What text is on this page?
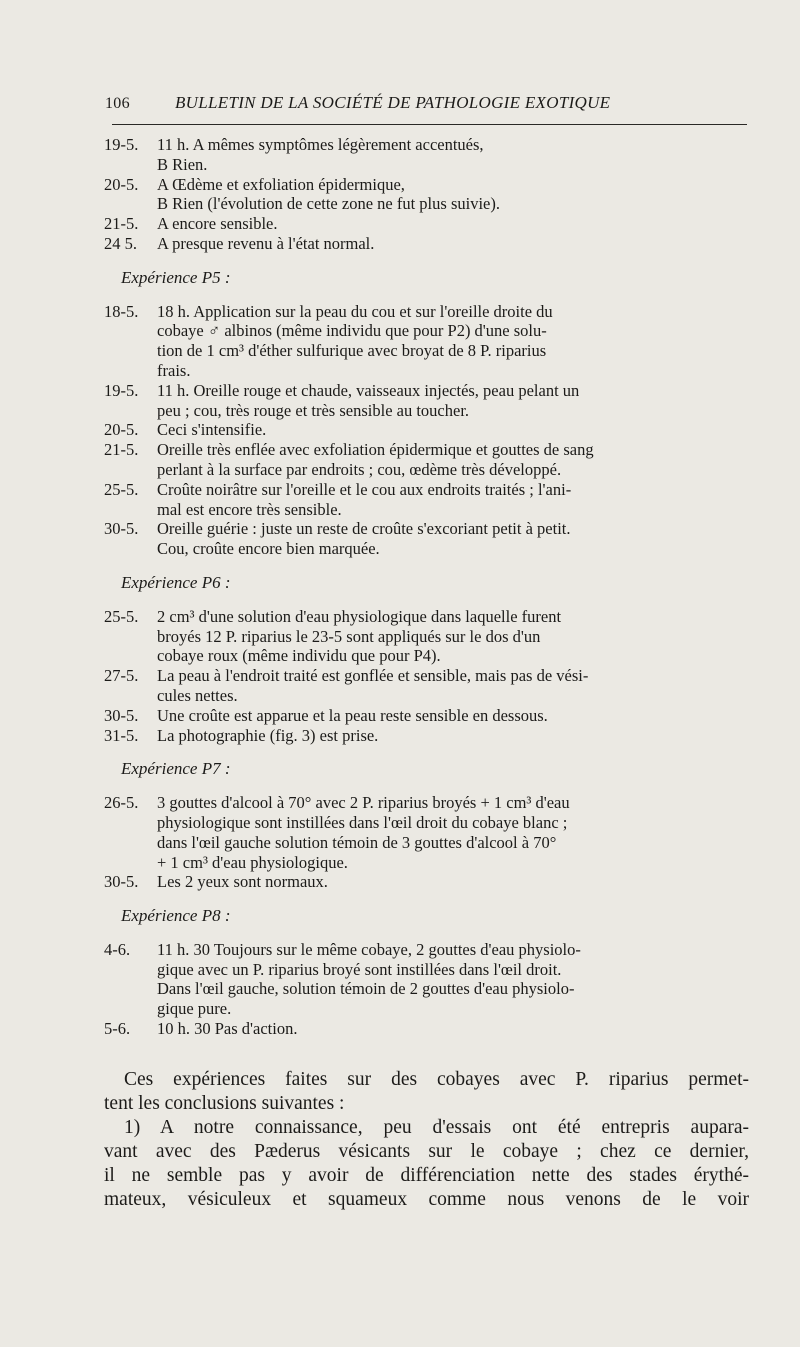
106	BULLETIN DE LA SOCIÉTÉ DE PATHOLOGIE EXOTIQUE
19-5. 11 h. A mêmes symptômes légèrement accentués,
B Rien.
20-5. A Œdème et exfoliation épidermique,
B Rien (l'évolution de cette zone ne fut plus suivie).
21-5. A encore sensible.
24 5. A presque revenu à l'état normal.
Expérience P5 :
18-5. 18 h. Application sur la peau du cou et sur l'oreille droite du
cobaye ♂ albinos (même individu que pour P2) d'une solu-
tion de 1 cm³ d'éther sulfurique avec broyat de 8 P. riparius
frais.
19-5. 11 h. Oreille rouge et chaude, vaisseaux injectés, peau pelant un
peu ; cou, très rouge et très sensible au toucher.
20-5. Ceci s'intensifie.
21-5. Oreille très enflée avec exfoliation épidermique et gouttes de sang
perlant à la surface par endroits ; cou, œdème très développé.
25-5. Croûte noirâtre sur l'oreille et le cou aux endroits traités ; l'ani-
mal est encore très sensible.
30-5. Oreille guérie : juste un reste de croûte s'excoriant petit à petit.
Cou, croûte encore bien marquée.
Expérience P6 :
25-5. 2 cm³ d'une solution d'eau physiologique dans laquelle furent
broyés 12 P. riparius le 23-5 sont appliqués sur le dos d'un
cobaye roux (même individu que pour P4).
27-5. La peau à l'endroit traité est gonflée et sensible, mais pas de vési-
cules nettes.
30-5. Une croûte est apparue et la peau reste sensible en dessous.
31-5. La photographie (fig. 3) est prise.
Expérience P7 :
26-5. 3 gouttes d'alcool à 70° avec 2 P. riparius broyés + 1 cm³ d'eau
physiologique sont instillées dans l'œil droit du cobaye blanc ;
dans l'œil gauche solution témoin de 3 gouttes d'alcool à 70°
+ 1 cm³ d'eau physiologique.
30-5. Les 2 yeux sont normaux.
Expérience P8 :
4-6. 11 h. 30 Toujours sur le même cobaye, 2 gouttes d'eau physiolo-
gique avec un P. riparius broyé sont instillées dans l'œil droit.
Dans l'œil gauche, solution témoin de 2 gouttes d'eau physiolo-
gique pure.
5-6. 10 h. 30 Pas d'action.
Ces expériences faites sur des cobayes avec P. riparius permet-
tent les conclusions suivantes :
1) A notre connaissance, peu d'essais ont été entrepris aupara-
vant avec des Pæderus vésicants sur le cobaye ; chez ce dernier,
il ne semble pas y avoir de différenciation nette des stades érythé-
mateux, vésiculeux et squameux comme nous venons de le voir
